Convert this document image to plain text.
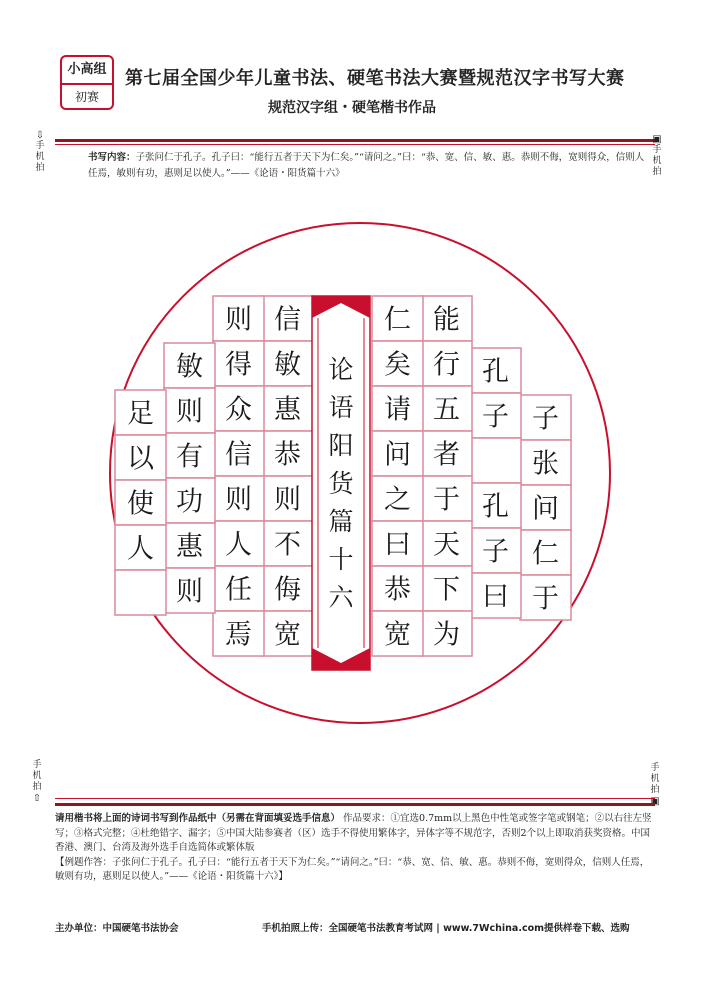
小高组
初赛
第七届全国少年儿童书法、硬笔书法大赛暨规范汉字书写大赛
规范汉字组・硬笔楷书作品
⇩
手机拍
▣
手机拍
手机拍
⇧
手机拍
▣
书写内容：子张问仁于孔子。孔子曰：“能行五者于天下为仁矣。”“请问之。”曰：“恭、宽、信、敏、惠。恭则不侮，宽则得众，信则人任焉，敏则有功，惠则足以使人。”——《论语・阳货篇十六》
子
张
问
仁
于
孔
子
孔
子
曰
能
行
五
者
于
天
下
为
仁
矣
请
问
之
曰
恭
宽
信
敏
惠
恭
则
不
侮
宽
则
得
众
信
则
人
任
焉
敏
则
有
功
惠
则
足
以
使
人
论
语
阳
货
篇
十
六
请用楷书将上面的诗词书写到作品纸中（另需在背面填妥选手信息） 作品要求：①宜选0.7mm以上黑色中性笔或签字笔或钢笔；②以右往左竖写；③格式完整；④杜绝错字、漏字；⑤中国大陆参赛者（区）选手不得使用繁体字，异体字等不规范字，否则2个以上即取消获奖资格。中国香港、澳门、台湾及海外选手自选简体或繁体版
【例题作答：子张问仁于孔子。孔子曰：“能行五者于天下为仁矣。”“请问之。”曰：“恭、宽、信、敏、惠。恭则不侮，宽则得众，信则人任焉，敏则有功，惠则足以使人。”——《论语・阳货篇十六》】
主办单位：中国硬笔书法协会	手机拍照上传：全国硬笔书法教育考试网 | www.7Wchina.com提供样卷下载、选购
